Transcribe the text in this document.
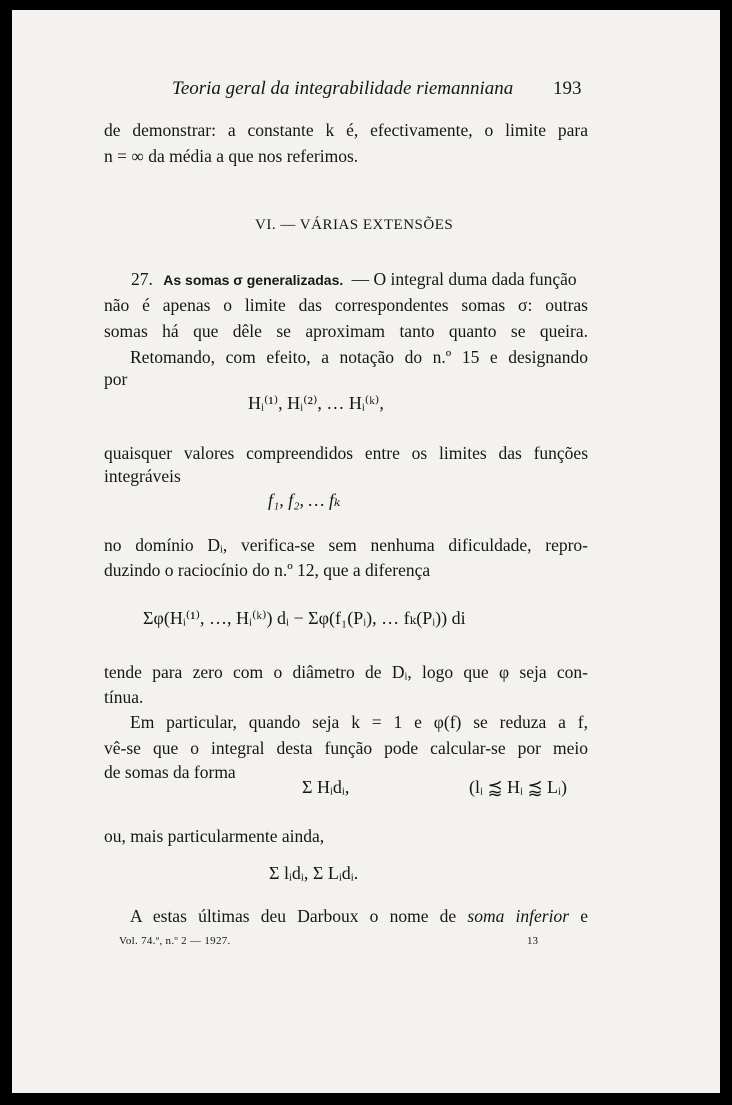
Teoria geral da integrabilidade riemanniana 193
de demonstrar: a constante k é, efectivamente, o limite para
n = ∞ da média a que nos referimos.
VI. — VÁRIAS EXTENSÕES
27. As somas σ generalizadas. — O integral duma dada função
não é apenas o limite das correspondentes somas σ: outras
somas há que dêle se aproximam tanto quanto se queira.
Retomando, com efeito, a notação do n.º 15 e designando
por
Hᵢ⁽¹⁾, Hᵢ⁽²⁾, … Hᵢ⁽ᵏ⁾,
quaisquer valores compreendidos entre os limites das funções
integráveis
f₁, f₂, … fₖ
no domínio Dᵢ, verifica-se sem nenhuma dificuldade, repro-
duzindo o raciocínio do n.º 12, que a diferença
Σφ(Hᵢ⁽¹⁾, …, Hᵢ⁽ᵏ⁾) dᵢ − Σφ(f₁(Pᵢ), … fₖ(Pᵢ)) di
tende para zero com o diâmetro de Dᵢ, logo que φ seja con-
tínua.
Em particular, quando seja k = 1 e φ(f) se reduza a f,
vê-se que o integral desta função pode calcular-se por meio
de somas da forma
Σ Hᵢdᵢ,	(lᵢ ⪷ Hᵢ ⪷ Lᵢ)
ou, mais particularmente ainda,
Σ lᵢdᵢ, Σ Lᵢdᵢ.
A estas últimas deu Darboux o nome de soma inferior e
Vol. 74.º, n.º 2 — 1927.	13
